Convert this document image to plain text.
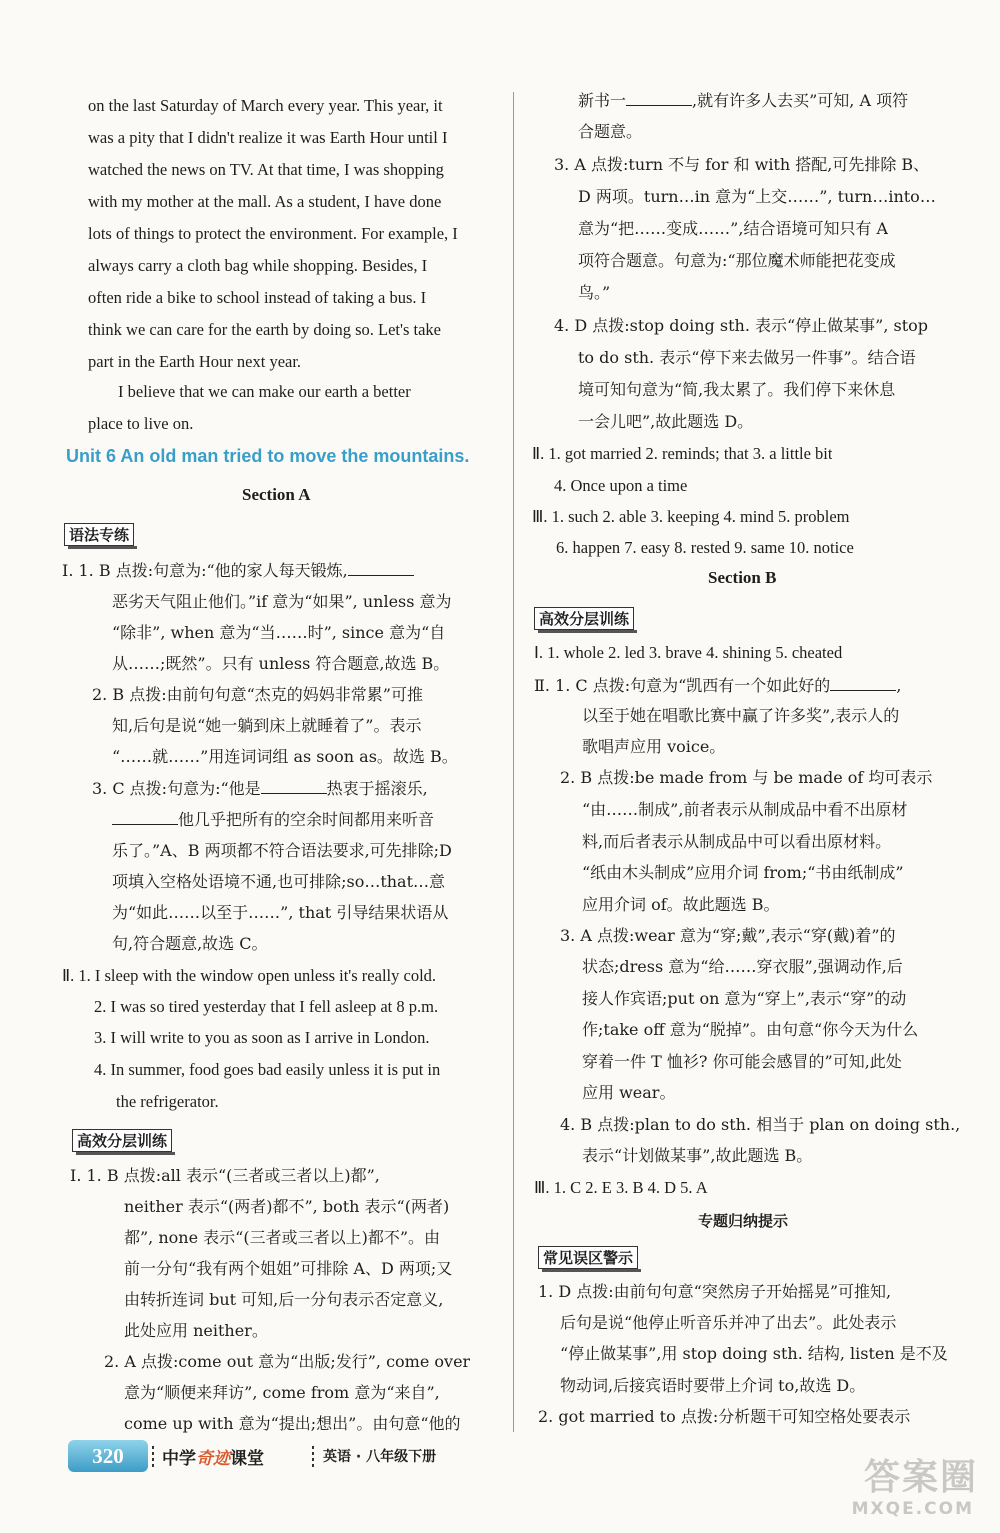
on the last Saturday of March every year. This year, it
was a pity that I didn't realize it was Earth Hour until I
watched the news on TV. At that time, I was shopping
with my mother at the mall. As a student, I have done
lots of things to protect the environment. For example, I
always carry a cloth bag while shopping. Besides, I
often ride a bike to school instead of taking a bus. I
think we can care for the earth by doing so. Let's take
part in the Earth Hour next year.
I believe that we can make our earth a better
place to live on.
Unit 6 An old man tried to move the mountains.
Section A
语法专练
Ⅰ. 1. B 点拨:句意为:“他的家人每天锻炼,
恶劣天气阻止他们。”if 意为“如果”, unless 意为
“除非”, when 意为“当……时”, since 意为“自
从……;既然”。只有 unless 符合题意,故选 B。
2. B 点拨:由前句句意“杰克的妈妈非常累”可推
知,后句是说“她一躺到床上就睡着了”。表示
“……就……”用连词词组 as soon as。故选 B。
3. C 点拨:句意为:“他是	热衷于摇滚乐,
他几乎把所有的空余时间都用来听音
乐了。”A、B 两项都不符合语法要求,可先排除;D
项填入空格处语境不通,也可排除;so…that…意
为“如此……以至于……”, that 引导结果状语从
句,符合题意,故选 C。
Ⅱ. 1. I sleep with the window open unless it's really cold.
2. I was so tired yesterday that I fell asleep at 8 p.m.
3. I will write to you as soon as I arrive in London.
4. In summer, food goes bad easily unless it is put in
the refrigerator.
高效分层训练
Ⅰ. 1. B 点拨:all 表示“(三者或三者以上)都”,
neither 表示“(两者)都不”, both 表示“(两者)
都”, none 表示“(三者或三者以上)都不”。由
前一分句“我有两个姐姐”可排除 A、D 两项;又
由转折连词 but 可知,后一分句表示否定意义,
此处应用 neither。
2. A 点拨:come out 意为“出版;发行”, come over
意为“顺便来拜访”, come from 意为“来自”,
come up with 意为“提出;想出”。由句意“他的
新书一	,就有许多人去买”可知, A 项符
合题意。
3. A 点拨:turn 不与 for 和 with 搭配,可先排除 B、
D 两项。turn…in 意为“上交……”, turn…into…
意为“把……变成……”,结合语境可知只有 A
项符合题意。句意为:“那位魔术师能把花变成
鸟。”
4. D 点拨:stop doing sth. 表示“停止做某事”, stop
to do sth. 表示“停下来去做另一件事”。结合语
境可知句意为“简,我太累了。我们停下来休息
一会儿吧”,故此题选 D。
Ⅱ. 1. got married 2. reminds; that 3. a little bit
4. Once upon a time
Ⅲ. 1. such 2. able 3. keeping 4. mind 5. problem
6. happen 7. easy 8. rested 9. same 10. notice
Section B
高效分层训练
Ⅰ. 1. whole 2. led 3. brave 4. shining 5. cheated
Ⅱ. 1. C 点拨:句意为“凯西有一个如此好的	,
以至于她在唱歌比赛中赢了许多奖”,表示人的
歌唱声应用 voice。
2. B 点拨:be made from 与 be made of 均可表示
“由……制成”,前者表示从制成品中看不出原材
料,而后者表示从制成品中可以看出原材料。
“纸由木头制成”应用介词 from;“书由纸制成”
应用介词 of。故此题选 B。
3. A 点拨:wear 意为“穿;戴”,表示“穿(戴)着”的
状态;dress 意为“给……穿衣服”,强调动作,后
接人作宾语;put on 意为“穿上”,表示“穿”的动
作;take off 意为“脱掉”。由句意“你今天为什么
穿着一件 T 恤衫? 你可能会感冒的”可知,此处
应用 wear。
4. B 点拨:plan to do sth. 相当于 plan on doing sth.,
表示“计划做某事”,故此题选 B。
Ⅲ. 1. C 2. E 3. B 4. D 5. A
专题归纳提示
常见误区警示
1. D 点拨:由前句句意“突然房子开始摇晃”可推知,
后句是说“他停止听音乐并冲了出去”。此处表示
“停止做某事”,用 stop doing sth. 结构, listen 是不及
物动词,后接宾语时要带上介词 to,故选 D。
2. got married to 点拨:分析题干可知空格处要表示
320	中学奇迹课堂	英语 · 八年级下册	答案圈
MXQE.COM
